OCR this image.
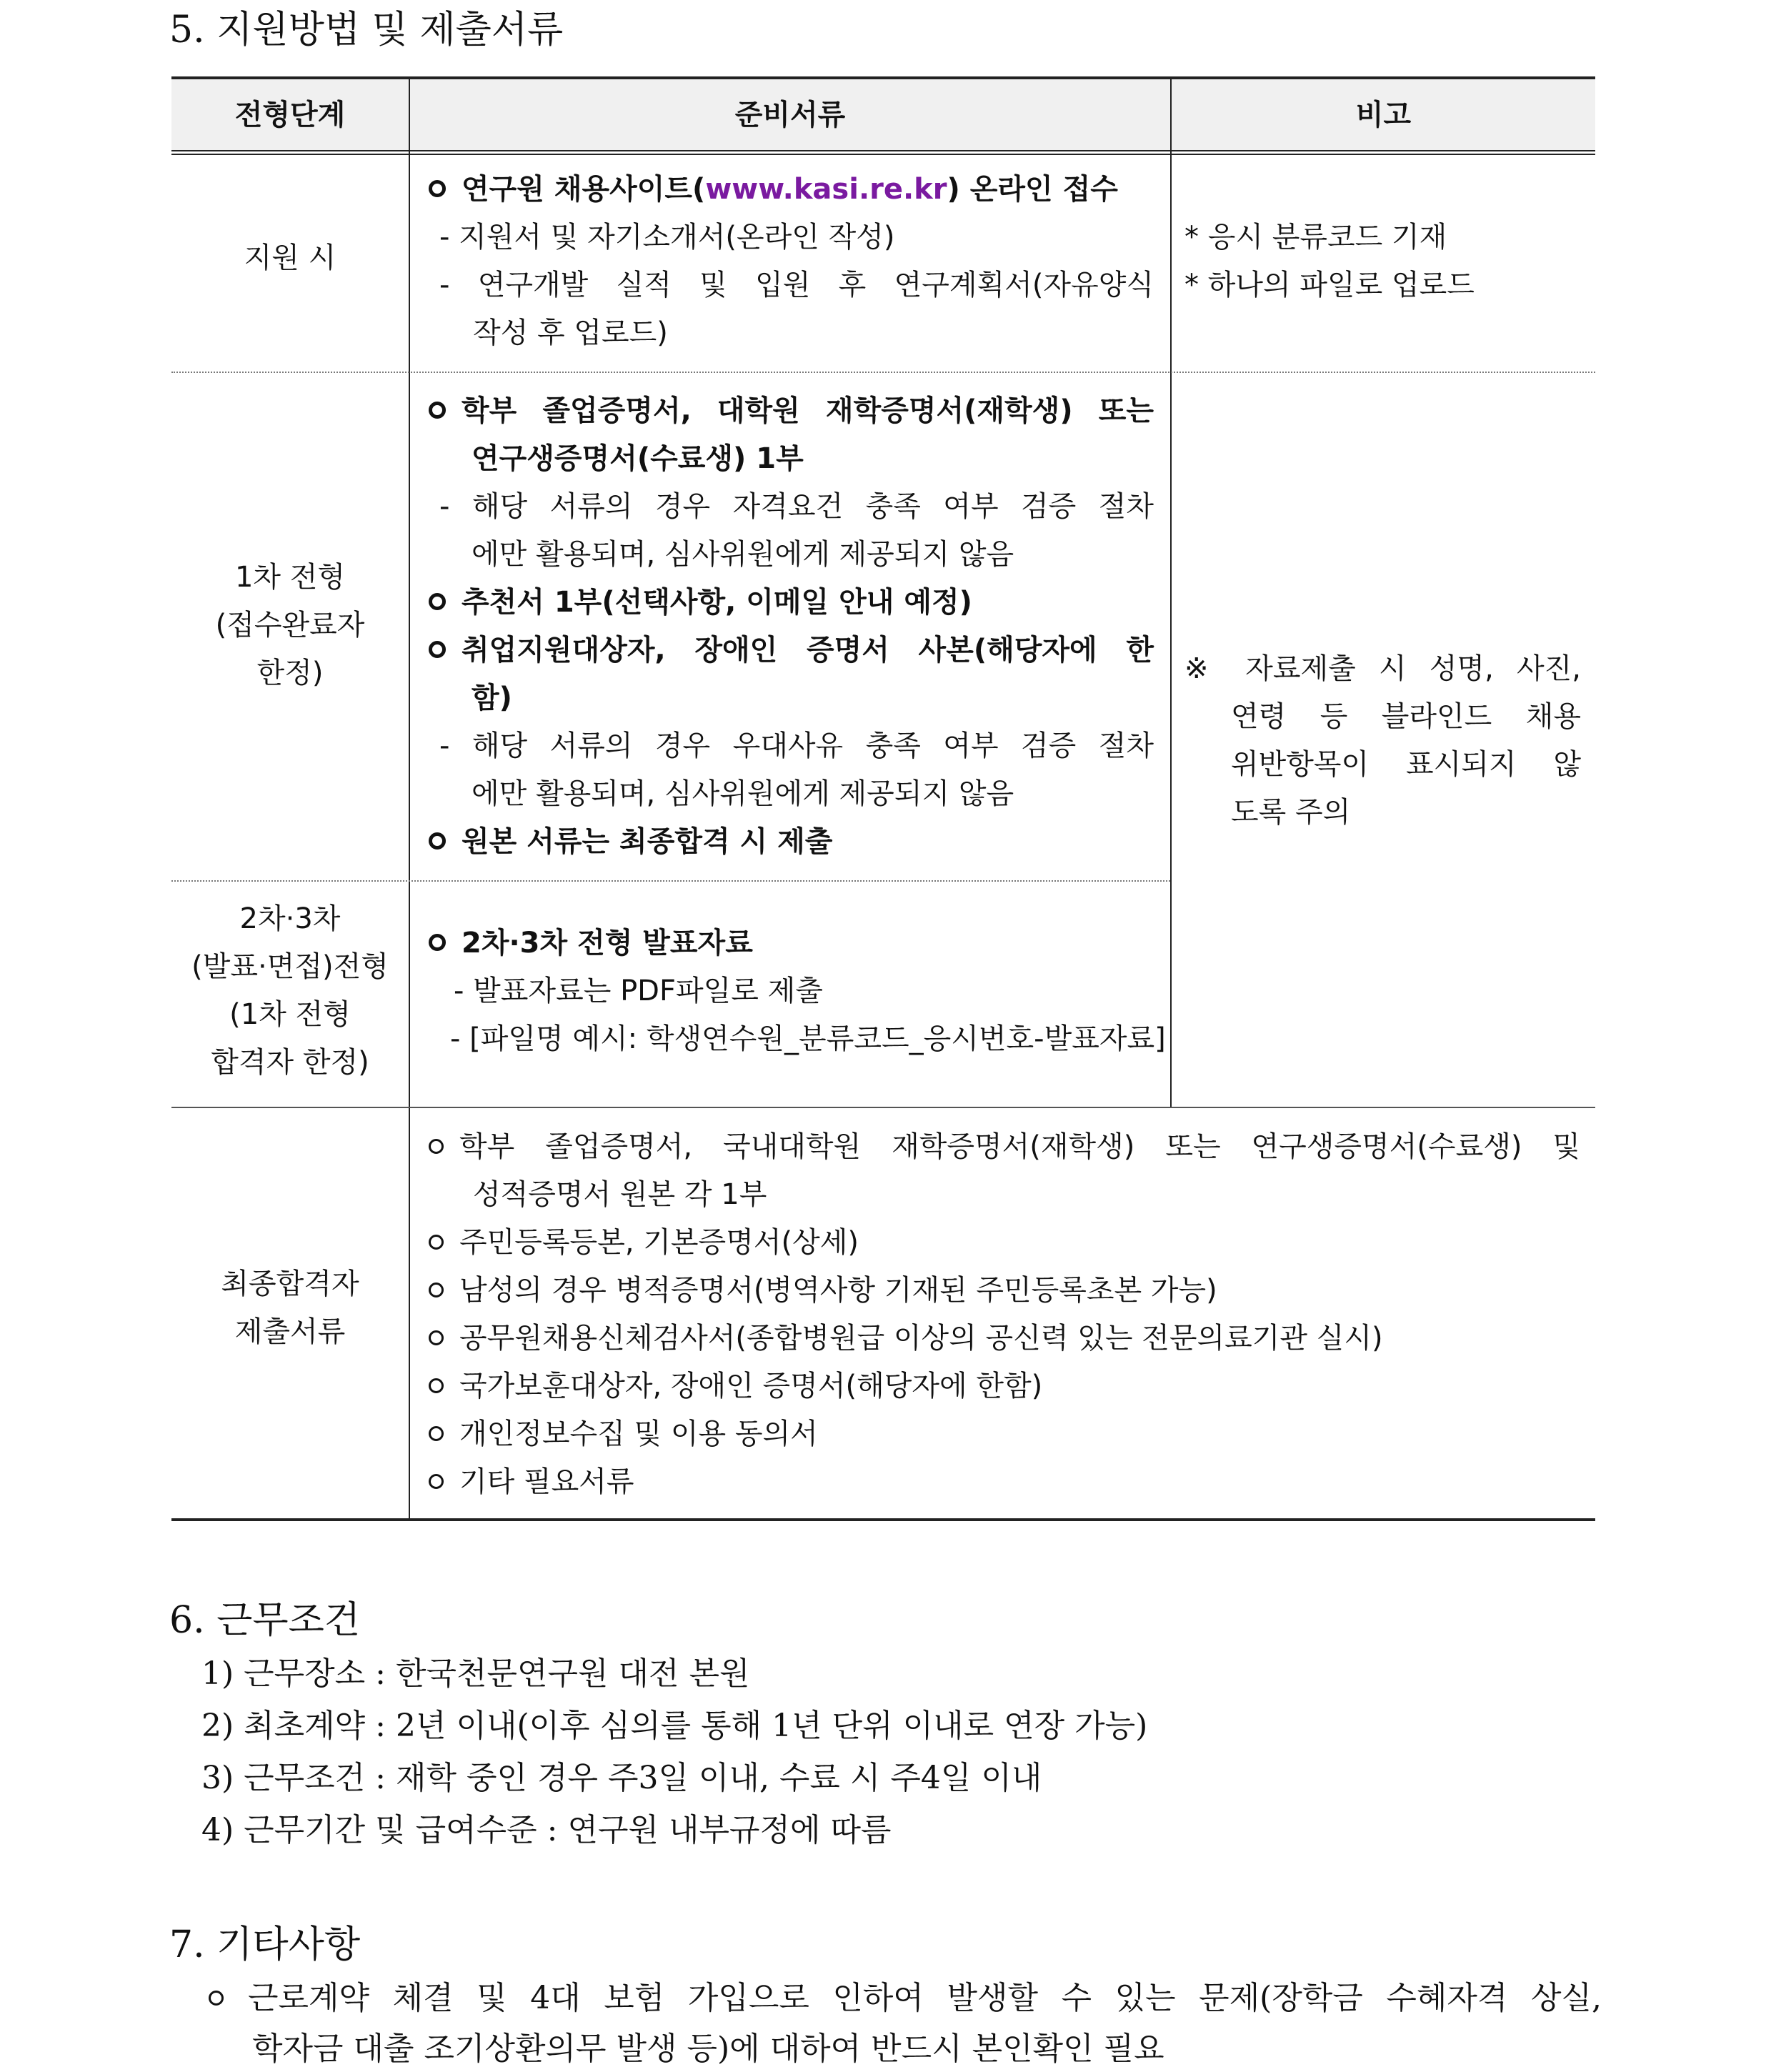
5. 지원방법 및 제출서류
전형단계	준비서류	비고
지원 시
연구원 채용사이트(www.kasi.re.kr) 온라인 접수
- 지원서 및 자기소개서(온라인 작성)
- 연구개발 실적 및 입원 후 연구계획서(자유양식
작성 후 업로드)
* 응시 분류코드 기재
* 하나의 파일로 업로드
1차 전형
(접수완료자
한정)
학부 졸업증명서, 대학원 재학증명서(재학생) 또는
연구생증명서(수료생) 1부
- 해당 서류의 경우 자격요건 충족 여부 검증 절차
에만 활용되며, 심사위원에게 제공되지 않음
추천서 1부(선택사항, 이메일 안내 예정)
취업지원대상자, 장애인 증명서 사본(해당자에 한
함)
- 해당 서류의 경우 우대사유 충족 여부 검증 절차
에만 활용되며, 심사위원에게 제공되지 않음
원본 서류는 최종합격 시 제출
※ 자료제출 시 성명, 사진,
연령 등 블라인드 채용
위반항목이 표시되지 않
도록 주의
2차·3차
(발표·면접)전형
(1차 전형
합격자 한정)
2차·3차 전형 발표자료
- 발표자료는 PDF파일로 제출
- [파일명 예시: 학생연수원_분류코드_응시번호-발표자료]
최종합격자
제출서류
학부 졸업증명서, 국내대학원 재학증명서(재학생) 또는 연구생증명서(수료생) 및
성적증명서 원본 각 1부
주민등록등본, 기본증명서(상세)
남성의 경우 병적증명서(병역사항 기재된 주민등록초본 가능)
공무원채용신체검사서(종합병원급 이상의 공신력 있는 전문의료기관 실시)
국가보훈대상자, 장애인 증명서(해당자에 한함)
개인정보수집 및 이용 동의서
기타 필요서류
6. 근무조건
1) 근무장소 : 한국천문연구원 대전 본원
2) 최초계약 : 2년 이내(이후 심의를 통해 1년 단위 이내로 연장 가능)
3) 근무조건 : 재학 중인 경우 주3일 이내, 수료 시 주4일 이내
4) 근무기간 및 급여수준 : 연구원 내부규정에 따름
7. 기타사항
근로계약 체결 및 4대 보험 가입으로 인하여 발생할 수 있는 문제(장학금 수혜자격 상실,
학자금 대출 조기상환의무 발생 등)에 대하여 반드시 본인확인 필요
